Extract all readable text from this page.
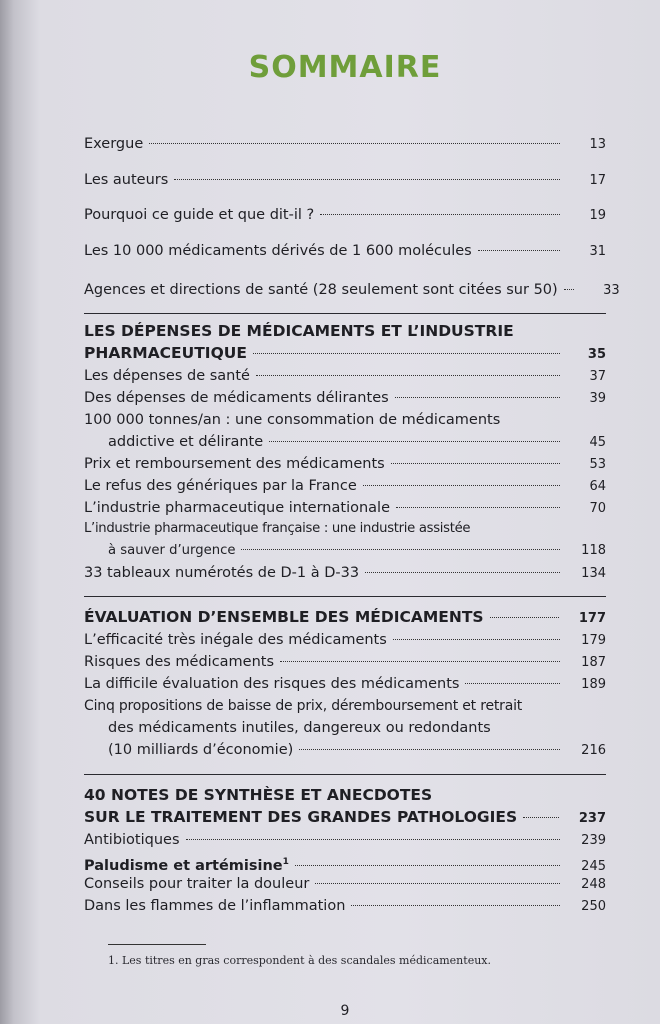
SOMMAIRE
Exergue	13
Les auteurs	17
Pourquoi ce guide et que dit-il ?	19
Les 10 000 médicaments dérivés de 1 600 molécules	31
Agences et directions de santé (28 seulement sont citées sur 50)	33
LES DÉPENSES DE MÉDICAMENTS ET L’INDUSTRIE
PHARMACEUTIQUE	35
Les dépenses de santé	37
Des dépenses de médicaments délirantes	39
100 000 tonnes/an : une consommation de médicaments
addictive et délirante	45
Prix et remboursement des médicaments	53
Le refus des génériques par la France	64
L’industrie pharmaceutique internationale	70
L’industrie pharmaceutique française : une industrie assistée
à sauver d’urgence	118
33 tableaux numérotés de D-1 à D-33	134
ÉVALUATION D’ENSEMBLE DES MÉDICAMENTS	177
L’efficacité très inégale des médicaments	179
Risques des médicaments	187
La difficile évaluation des risques des médicaments	189
Cinq propositions de baisse de prix, déremboursement et retrait
des médicaments inutiles, dangereux ou redondants
(10 milliards d’économie)	216
40 NOTES DE SYNTHÈSE ET ANECDOTES
SUR LE TRAITEMENT DES GRANDES PATHOLOGIES	237
Antibiotiques	239
Paludisme et artémisine$^1$	245
Conseils pour traiter la douleur	248
Dans les flammes de l’inflammation	250
1. Les titres en gras correspondent à des scandales médicamenteux.
9
